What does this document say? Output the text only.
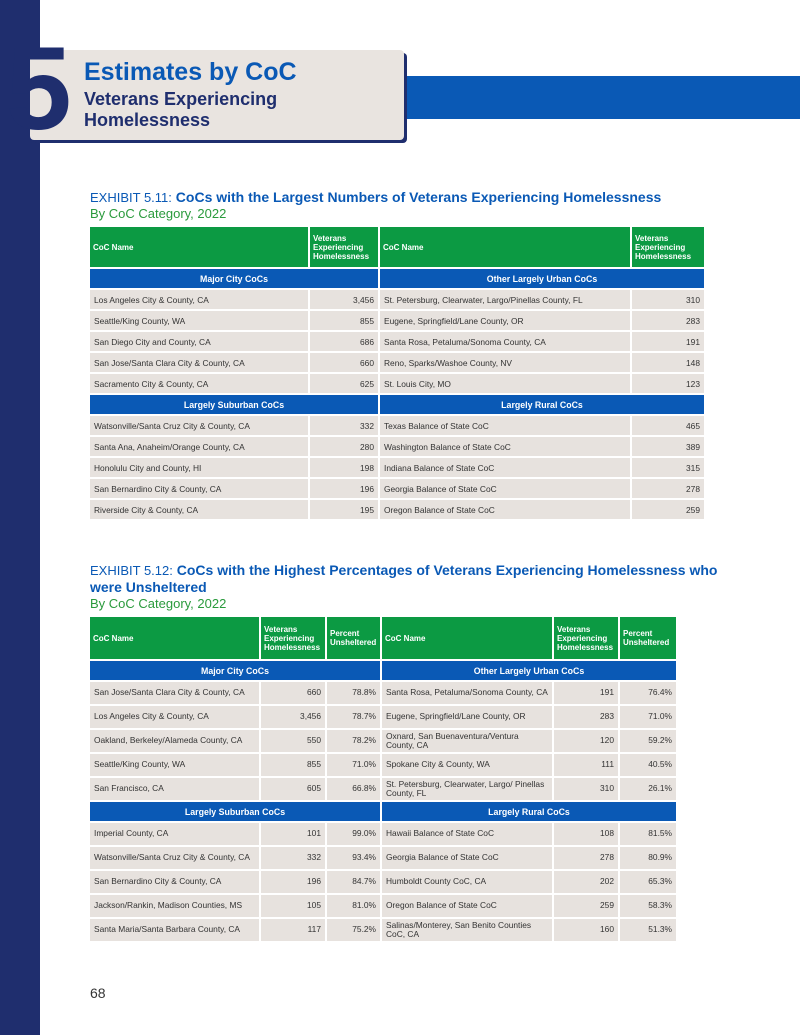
5 Estimates by CoC
Veterans Experiencing Homelessness
EXHIBIT 5.11: CoCs with the Largest Numbers of Veterans Experiencing Homelessness
By CoC Category, 2022
CoC Name	Veterans Experiencing Homelessness	CoC Name	Veterans Experiencing Homelessness
Major City CoCs		Other Largely Urban CoCs	
Los Angeles City & County, CA	3,456	St. Petersburg, Clearwater, Largo/Pinellas County, FL	310
Seattle/King County, WA	855	Eugene, Springfield/Lane County, OR	283
San Diego City and County, CA	686	Santa Rosa, Petaluma/Sonoma County, CA	191
San Jose/Santa Clara City & County, CA	660	Reno, Sparks/Washoe County, NV	148
Sacramento City & County, CA	625	St. Louis City, MO	123
Largely Suburban CoCs		Largely Rural CoCs	
Watsonville/Santa Cruz City & County, CA	332	Texas Balance of State CoC	465
Santa Ana, Anaheim/Orange County, CA	280	Washington Balance of State CoC	389
Honolulu City and County, HI	198	Indiana Balance of State CoC	315
San Bernardino City & County, CA	196	Georgia Balance of State CoC	278
Riverside City & County, CA	195	Oregon Balance of State CoC	259
EXHIBIT 5.12: CoCs with the Highest Percentages of Veterans Experiencing Homelessness who were Unsheltered
By CoC Category, 2022
CoC Name	Veterans Experiencing Homelessness	Percent Unsheltered	CoC Name	Veterans Experiencing Homelessness	Percent Unsheltered
Major City CoCs			Other Largely Urban CoCs		
San Jose/Santa Clara City & County, CA	660	78.8%	Santa Rosa, Petaluma/Sonoma County, CA	191	76.4%
Los Angeles City & County, CA	3,456	78.7%	Eugene, Springfield/Lane County, OR	283	71.0%
Oakland, Berkeley/Alameda County, CA	550	78.2%	Oxnard, San Buenaventura/Ventura County, CA	120	59.2%
Seattle/King County, WA	855	71.0%	Spokane City & County, WA	111	40.5%
San Francisco, CA	605	66.8%	St. Petersburg, Clearwater, Largo/ Pinellas County, FL	310	26.1%
Largely Suburban CoCs			Largely Rural CoCs		
Imperial County, CA	101	99.0%	Hawaii Balance of State CoC	108	81.5%
Watsonville/Santa Cruz City & County, CA	332	93.4%	Georgia Balance of State CoC	278	80.9%
San Bernardino City & County, CA	196	84.7%	Humboldt County CoC, CA	202	65.3%
Jackson/Rankin, Madison Counties, MS	105	81.0%	Oregon Balance of State CoC	259	58.3%
Santa Maria/Santa Barbara County, CA	117	75.2%	Salinas/Monterey, San Benito Counties CoC, CA	160	51.3%
68
